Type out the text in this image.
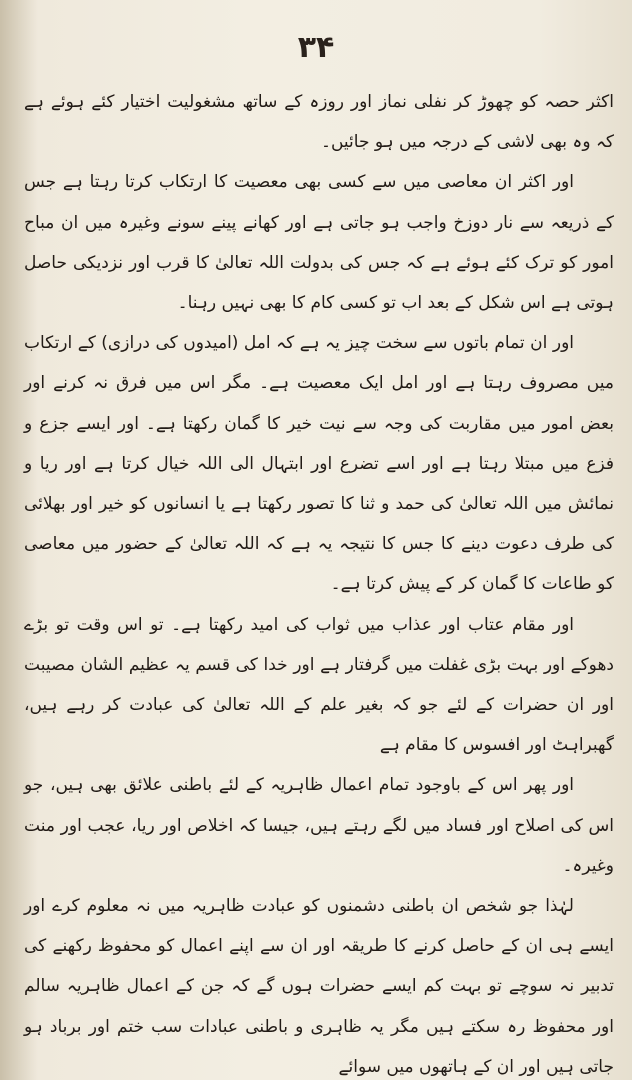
۳۴

اکثر حصہ کو چھوڑ کر نفلی نماز اور روزہ کے ساتھ مشغولیت اختیار کئے ہوئے ہے کہ وہ بھی لاشی کے درجہ میں ہو جائیں۔

اور اکثر ان معاصی میں سے کسی بھی معصیت کا ارتکاب کرتا رہتا ہے جس کے ذریعہ سے نار دوزخ واجب ہو جاتی ہے اور کھانے پینے سونے وغیرہ میں ان مباح امور کو ترک کئے ہوئے ہے کہ جس کی بدولت اللہ تعالیٰ کا قرب اور نزدیکی حاصل ہوتی ہے اس شکل کے بعد اب تو کسی کام کا بھی نہیں رہنا۔

اور ان تمام باتوں سے سخت چیز یہ ہے کہ امل (امیدوں کی درازی) کے ارتکاب میں مصروف رہتا ہے اور امل ایک معصیت ہے۔ مگر اس میں فرق نہ کرنے اور بعض امور میں مقاربت کی وجہ سے نیت خیر کا گمان رکھتا ہے۔ اور ایسے جزع و فزع میں مبتلا رہتا ہے اور اسے تضرع اور ابتہال الی اللہ خیال کرتا ہے اور ریا و نمائش میں اللہ تعالیٰ کی حمد و ثنا کا تصور رکھتا ہے یا انسانوں کو خیر اور بھلائی کی طرف دعوت دینے کا جس کا نتیجہ یہ ہے کہ اللہ تعالیٰ کے حضور میں معاصی کو طاعات کا گمان کر کے پیش کرتا ہے۔

اور مقام عتاب اور عذاب میں ثواب کی امید رکھتا ہے۔ تو اس وقت تو بڑے دھوکے اور بہت بڑی غفلت میں گرفتار ہے اور خدا کی قسم یہ عظیم الشان مصیبت اور ان حضرات کے لئے جو کہ بغیر علم کے اللہ تعالیٰ کی عبادت کر رہے ہیں، گھبراہٹ اور افسوس کا مقام ہے

اور پھر اس کے باوجود تمام اعمال ظاہریہ کے لئے باطنی علائق بھی ہیں، جو اس کی اصلاح اور فساد میں لگے رہتے ہیں، جیسا کہ اخلاص اور ریا، عجب اور منت وغیرہ۔

لہٰذا جو شخص ان باطنی دشمنوں کو عبادت ظاہریہ میں نہ معلوم کرے اور ایسے ہی ان کے حاصل کرنے کا طریقہ اور ان سے اپنے اعمال کو محفوظ رکھنے کی تدبیر نہ سوچے تو بہت کم ایسے حضرات ہوں گے کہ جن کے اعمال ظاہریہ سالم اور محفوظ رہ سکتے ہیں مگر یہ ظاہری و باطنی عبادات سب ختم اور برباد ہو جاتی ہیں اور ان کے ہاتھوں میں سوائے
